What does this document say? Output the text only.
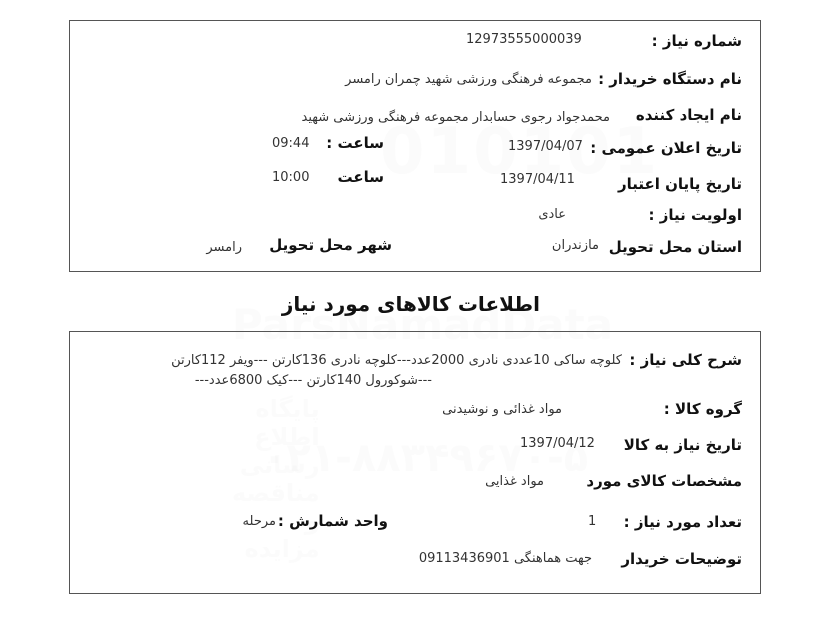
شماره نیاز :
12973555000039
نام دستگاه خریدار :
مجموعه فرهنگی ورزشی شهید چمران رامسر
نام ایجاد کننده
محمدجواد رجوی حسابدار مجموعه فرهنگی ورزشی شهید
تاریخ اعلان عمومی :
1397/04/07
ساعت :
09:44
تاریخ پایان اعتبار
1397/04/11
ساعت
10:00
اولویت نیاز :
عادی
استان محل تحویل
مازندران
شهر محل تحویل
رامسر
اطلاعات کالاهای مورد نیاز
شرح کلی نیاز :
کلوچه ساکی 10عددی نادری 2000عدد---کلوچه نادری 136کارتن ---ویفر 112کارتن
---شوکورول 140کارتن ---کیک 6800عدد---
گروه کالا :
مواد غذائی و نوشیدنی
تاریخ نیاز به کالا
1397/04/12
مشخصات کالای مورد
مواد غذایی
تعداد مورد نیاز :
1
واحد شمارش :
مرحله
توضیحات خریدار
جهت هماهنگی 09113436901
